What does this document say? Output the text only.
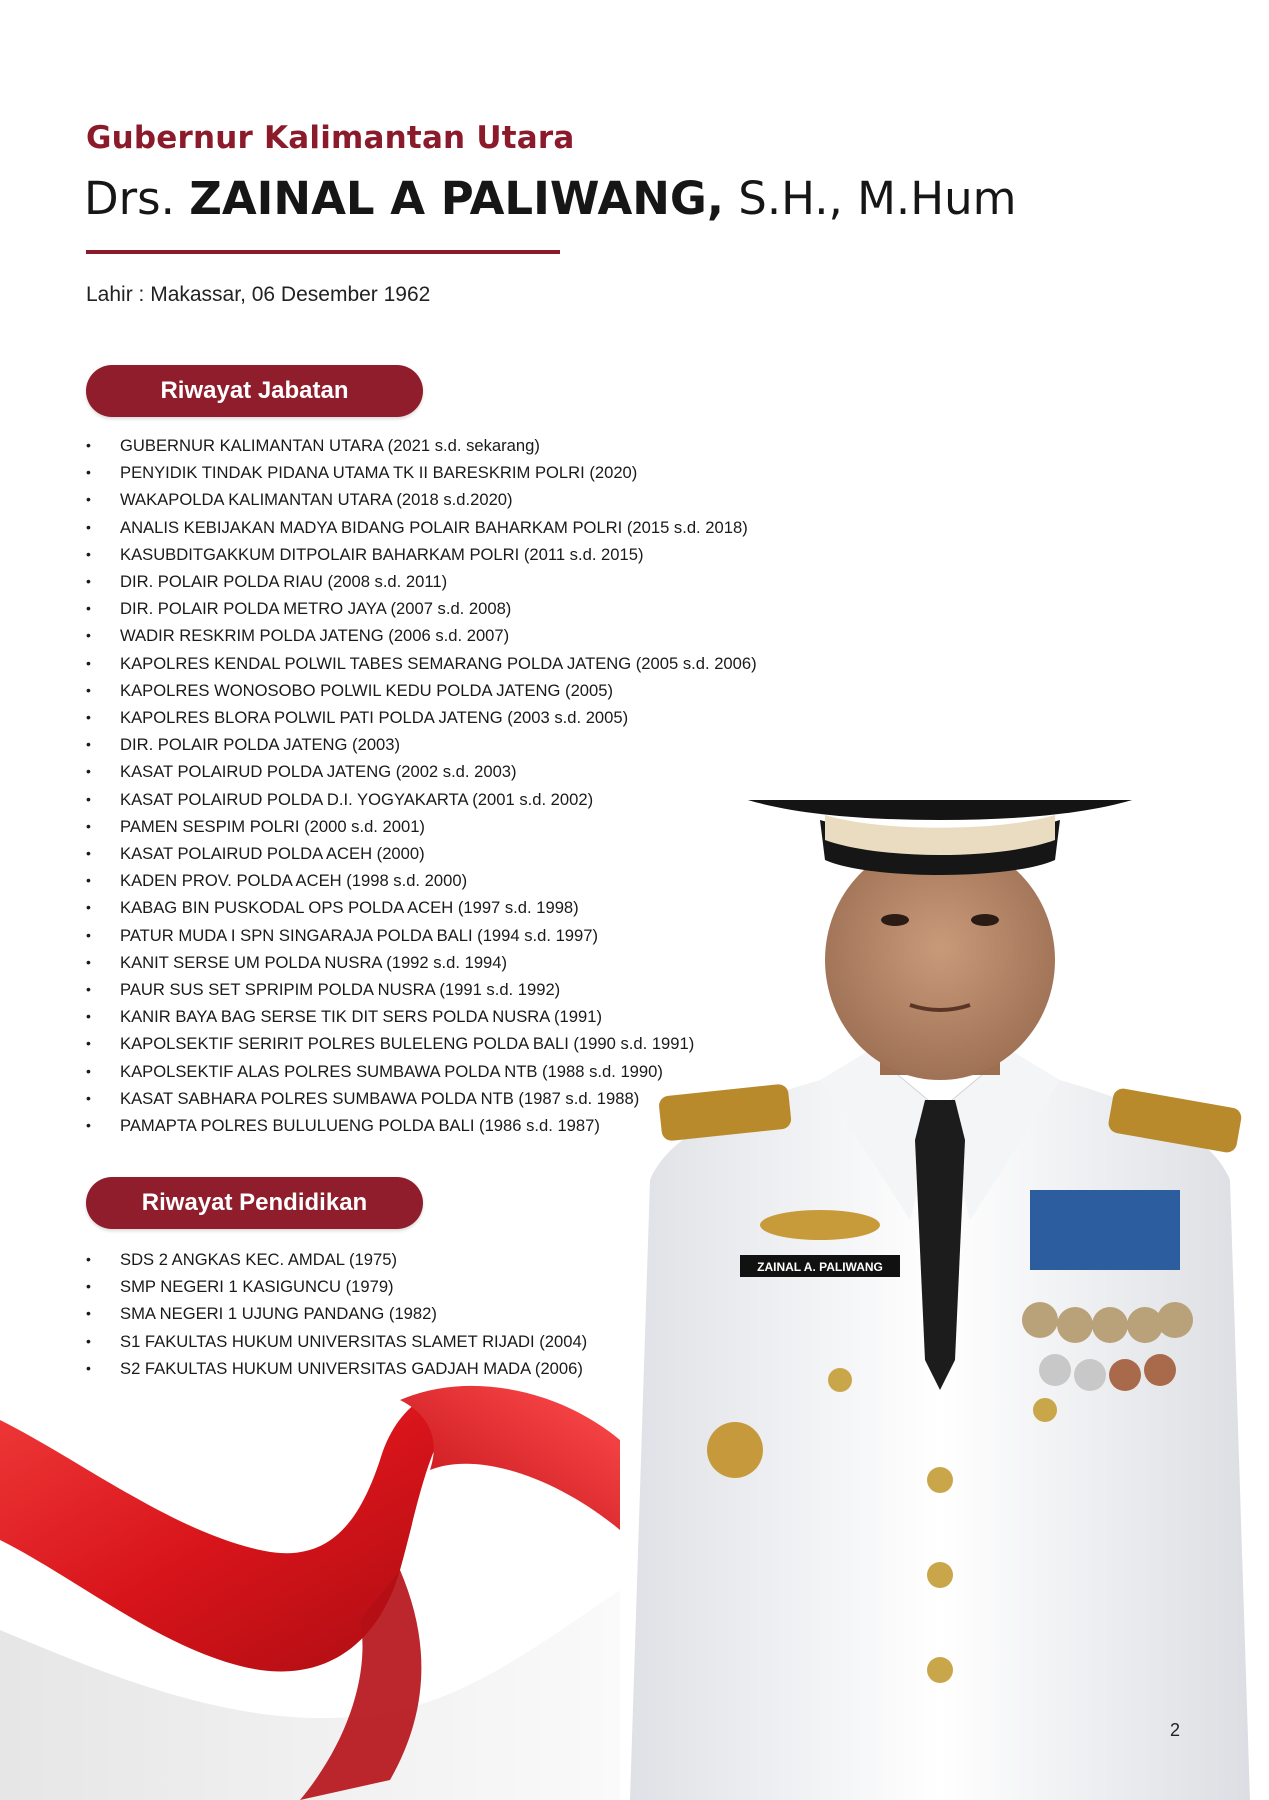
Gubernur Kalimantan Utara
Drs. ZAINAL A PALIWANG, S.H., M.Hum
Lahir : Makassar, 06 Desember 1962
Riwayat Jabatan
• GUBERNUR KALIMANTAN UTARA (2021 s.d. sekarang)
• PENYIDIK TINDAK PIDANA UTAMA TK II BARESKRIM POLRI (2020)
• WAKAPOLDA KALIMANTAN UTARA (2018 s.d.2020)
• ANALIS KEBIJAKAN MADYA BIDANG POLAIR BAHARKAM POLRI (2015 s.d. 2018)
• KASUBDITGAKKUM DITPOLAIR BAHARKAM POLRI (2011 s.d. 2015)
• DIR. POLAIR POLDA RIAU (2008 s.d. 2011)
• DIR. POLAIR POLDA METRO JAYA (2007 s.d. 2008)
• WADIR RESKRIM POLDA JATENG (2006 s.d. 2007)
• KAPOLRES KENDAL POLWIL TABES SEMARANG POLDA JATENG (2005 s.d. 2006)
• KAPOLRES WONOSOBO POLWIL KEDU POLDA JATENG (2005)
• KAPOLRES BLORA POLWIL PATI POLDA JATENG (2003 s.d. 2005)
• DIR. POLAIR POLDA JATENG (2003)
• KASAT POLAIRUD POLDA JATENG (2002 s.d. 2003)
• KASAT POLAIRUD POLDA D.I. YOGYAKARTA (2001 s.d. 2002)
• PAMEN SESPIM POLRI (2000 s.d. 2001)
• KASAT POLAIRUD POLDA ACEH (2000)
• KADEN PROV. POLDA ACEH (1998 s.d. 2000)
• KABAG BIN PUSKODAL OPS POLDA ACEH (1997 s.d. 1998)
• PATUR MUDA I SPN SINGARAJA POLDA BALI (1994 s.d. 1997)
• KANIT SERSE UM POLDA NUSRA (1992 s.d. 1994)
• PAUR SUS SET SPRIPIM POLDA NUSRA (1991 s.d. 1992)
• KANIR BAYA BAG SERSE TIK DIT SERS POLDA NUSRA (1991)
• KAPOLSEKTIF SERIRIT POLRES BULELENG POLDA BALI (1990 s.d. 1991)
• KAPOLSEKTIF ALAS POLRES SUMBAWA POLDA NTB (1988 s.d. 1990)
• KASAT SABHARA POLRES SUMBAWA POLDA NTB (1987 s.d. 1988)
• PAMAPTA POLRES BULULUENG POLDA BALI (1986 s.d. 1987)
Riwayat Pendidikan
• SDS 2 ANGKAS KEC. AMDAL (1975)
• SMP NEGERI 1 KASIGUNCU (1979)
• SMA NEGERI 1 UJUNG PANDANG (1982)
• S1 FAKULTAS HUKUM UNIVERSITAS SLAMET RIJADI (2004)
• S2 FAKULTAS HUKUM UNIVERSITAS GADJAH MADA (2006)
ZAINAL A. PALIWANG
2
